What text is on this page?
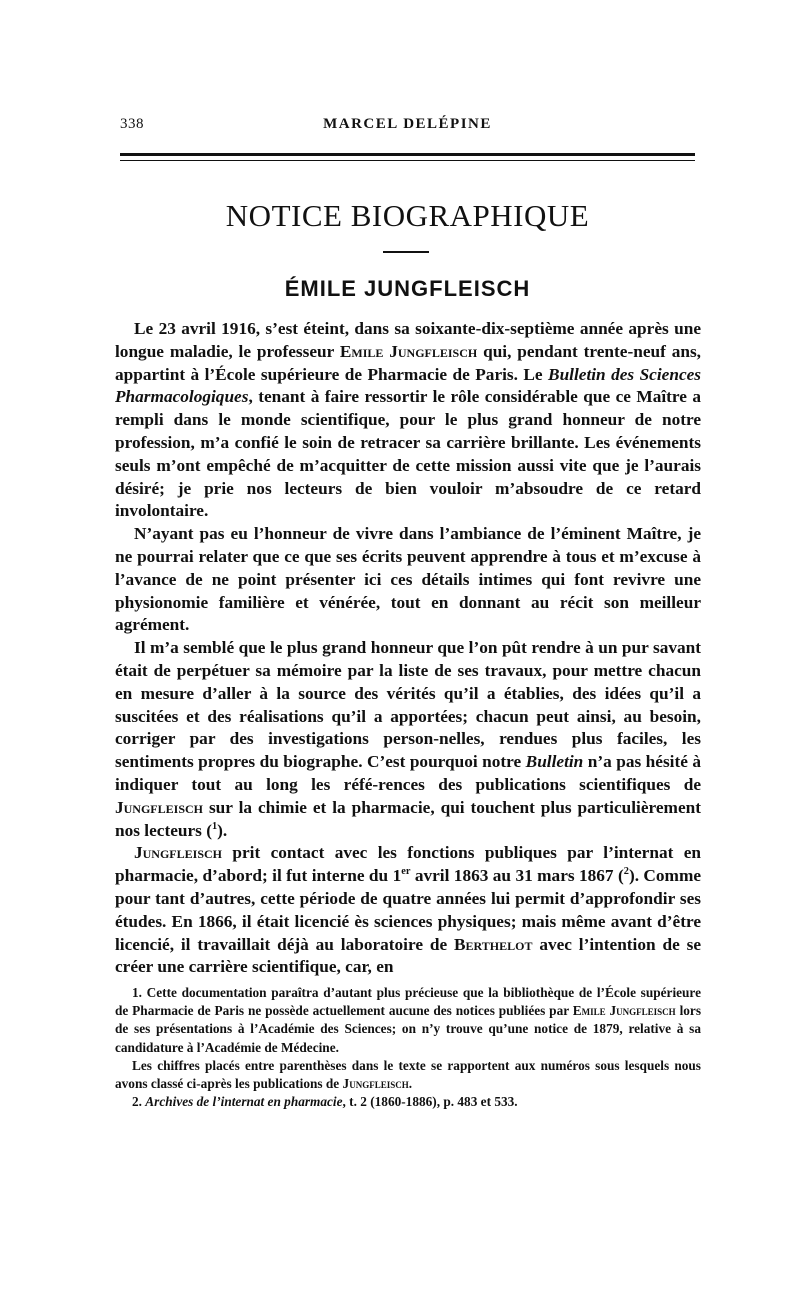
338	MARCEL DELÉPINE
NOTICE BIOGRAPHIQUE
ÉMILE JUNGFLEISCH

Le 23 avril 1916, s’est éteint, dans sa soixante-dix-septième année après une longue maladie, le professeur Emile Jungfleisch qui, pendant trente-neuf ans, appartint à l’École supérieure de Pharmacie de Paris. Le Bulletin des Sciences Pharmacologiques, tenant à faire ressortir le rôle considérable que ce Maître a rempli dans le monde scientifique, pour le plus grand honneur de notre profession, m’a confié le soin de retracer sa carrière brillante. Les événements seuls m’ont empêché de m’acquitter de cette mission aussi vite que je l’aurais désiré; je prie nos lecteurs de bien vouloir m’absoudre de ce retard involontaire.

N’ayant pas eu l’honneur de vivre dans l’ambiance de l’éminent Maître, je ne pourrai relater que ce que ses écrits peuvent apprendre à tous et m’excuse à l’avance de ne point présenter ici ces détails intimes qui font revivre une physionomie familière et vénérée, tout en donnant au récit son meilleur agrément.

Il m’a semblé que le plus grand honneur que l’on pût rendre à un pur savant était de perpétuer sa mémoire par la liste de ses travaux, pour mettre chacun en mesure d’aller à la source des vérités qu’il a établies, des idées qu’il a suscitées et des réalisations qu’il a apportées; chacun peut ainsi, au besoin, corriger par des investigations person-nelles, rendues plus faciles, les sentiments propres du biographe. C’est pourquoi notre Bulletin n’a pas hésité à indiquer tout au long les réfé-rences des publications scientifiques de Jungfleisch sur la chimie et la pharmacie, qui touchent plus particulièrement nos lecteurs ($^1$).

Jungfleisch prit contact avec les fonctions publiques par l’internat en pharmacie, d’abord; il fut interne du 1er avril 1863 au 31 mars 1867 ($^2$). Comme pour tant d’autres, cette période de quatre années lui permit d’approfondir ses études. En 1866, il était licencié ès sciences physiques; mais même avant d’être licencié, il travaillait déjà au laboratoire de Berthelot avec l’intention de se créer une carrière scientifique, car, en

1. Cette documentation paraîtra d’autant plus précieuse que la bibliothèque de l’École supérieure de Pharmacie de Paris ne possède actuellement aucune des notices publiées par Emile Jungfleisch lors de ses présentations à l’Académie des Sciences; on n’y trouve qu’une notice de 1879, relative à sa candidature à l’Académie de Médecine.

Les chiffres placés entre parenthèses dans le texte se rapportent aux numéros sous lesquels nous avons classé ci-après les publications de Jungfleisch.

2. Archives de l’internat en pharmacie, t. 2 (1860-1886), p. 483 et 533.
